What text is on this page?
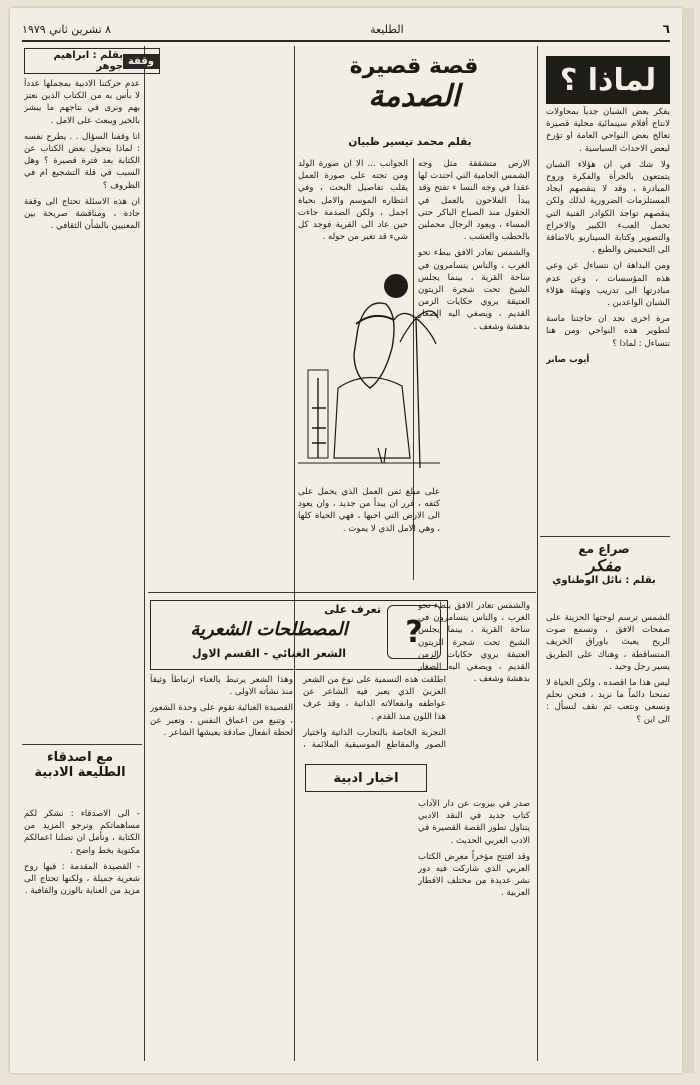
٦
الطليعة
٨ تشرين ثاني ١٩٧٩
لماذا ؟

يفكر بعض الشبان جدياً بمحاولات لانتاج أفلام سينمائية محلية قصيرة تعالج بعض النواحي العامة او تؤرخ لبعض الاحداث السياسية .

ولا شك في ان هؤلاء الشبان يتمتعون بالجرأة والفكرة وروح المبادرة ، وقد لا ينقصهم ايجاد المستلزمات الضرورية لذلك ولكن ينقصهم تواجد الكوادر الفنية التي تحمل العبء الكبير والاخراج والتصوير وكتابة السيناريو بالاضافة الى التحميض والطبع .

ومن البداهة ان نتساءل عن وعي هذه المؤسسات ، وعن عدم مبادرتها الى تدريب وتهيئة هؤلاء الشبان الواعدين .

مرة اخرى نجد ان حاجتنا ماسة لتطوير هذه النواحي ومن هنا نتساءل : لماذا ؟

أيوب صابر

صراع مع
مفكر
بقلم : نائل الوطناوي

الشمس ترسم لوحتها الحزينة على صفحات الافق ، وتسمع صوت الريح يعبث باوراق الخريف المتساقطة ، وهناك على الطريق يسير رجل وحيد .

ليس هذا ما اقصده ، ولكن الحياة لا تمنحنا دائماً ما نريد ، فنحن نحلم ونسعى ونتعب ثم نقف لنسأل : الى اين ؟

قصة قصيرة
الصدمة
بقلم محمد تيسير ظبيان

الارض متشققة مثل وجه الشمس الحامية التي احتدت لها عقدا في وجه النسا ء تفتح وقد يبدأ الفلاحون بالعمل في الحقول منذ الصباح الباكر حتى المساء ، ويعود الرجال محملين بالحطب والعشب .

والشمس تغادر الافق ببطء نحو الغرب ، والناس يتسامرون في ساحة القرية ، بينما يجلس الشيخ تحت شجرة الزيتون العتيقة يروي حكايات الزمن القديم ، ويصغي اليه الصغار بدهشة وشغف .

الجوانب ... الا ان صورة الولد ومن تحته على صورة العمل يقلب تفاصيل البحث ، وفي انتظاره الموسم والامل بحياة اجمل ، ولكن الصدمة جاءت حين عاد الى القرية فوجد كل شيء قد تغير من حوله .

على مبلغ ثمن العمل الذي يحمل على كتفه ، قرر ان يبدأ من جديد ، وان يعود الى الارض التي احبها ، فهي الحياة كلها ، وهي الامل الذي لا يموت .

?
تعرف على
المصطلحات الشعرية
الشعر الغنائي - القسم الاول

اطلقت هذه التسمية على نوع من الشعر العربي الذي يعبر فيه الشاعر عن عواطفه وانفعالاته الذاتية ، وقد عرف هذا اللون منذ القدم .

التجربة الخاصة بالتجارب الذاتية واختيار الصور والمقاطع الموسيقية الملائمة ، وهذا الشعر يرتبط بالغناء ارتباطاً وثيقاً منذ نشأته الاولى .

القصيدة الغنائية تقوم على وحدة الشعور ، وتنبع من اعماق النفس ، وتعبر عن لحظة انفعال صادقة يعيشها الشاعر .

والشمس تغادر الافق ببطء نحو الغرب ، والناس يتسامرون في ساحة القرية ، بينما يجلس الشيخ تحت شجرة الزيتون العتيقة يروي حكايات الزمن القديم ، ويصغي اليه الصغار بدهشة وشغف .

اخبار ادبية

صدر في بيروت عن دار الآداب كتاب جديد في النقد الادبي يتناول تطور القصة القصيرة في الادب العربي الحديث .

وقد افتتح مؤخراً معرض الكتاب العربي الذي شاركت فيه دور نشر عديدة من مختلف الاقطار العربية .

وقفة
بقلم : ابراهيم جوهر

عدم حركتنا الادبية بمجملها عدداً لا بأس به من الكتاب الذين نعتز بهم ونرى في نتاجهم ما يبشر بالخير ويبعث على الامل .

انا وقفنا السؤال . . يطرح نفسه : لماذا يتحول بعض الكتاب عن الكتابة بعد فترة قصيرة ؟ وهل السبب في قلة التشجيع ام في الظروف ؟

ان هذه الاسئلة تحتاج الى وقفة جادة ، ومناقشة صريحة بين المعنيين بالشأن الثقافي .

مع اصدقاء الطليعة الادبية

- الى الاصدقاء : نشكر لكم مساهماتكم ونرجو المزيد من الكتابة ، ونأمل ان تصلنا اعمالكم مكتوبة بخط واضح .

- القصيدة المقدمة : فيها روح شعرية جميلة ، ولكنها تحتاج الى مزيد من العناية بالوزن والقافية .
